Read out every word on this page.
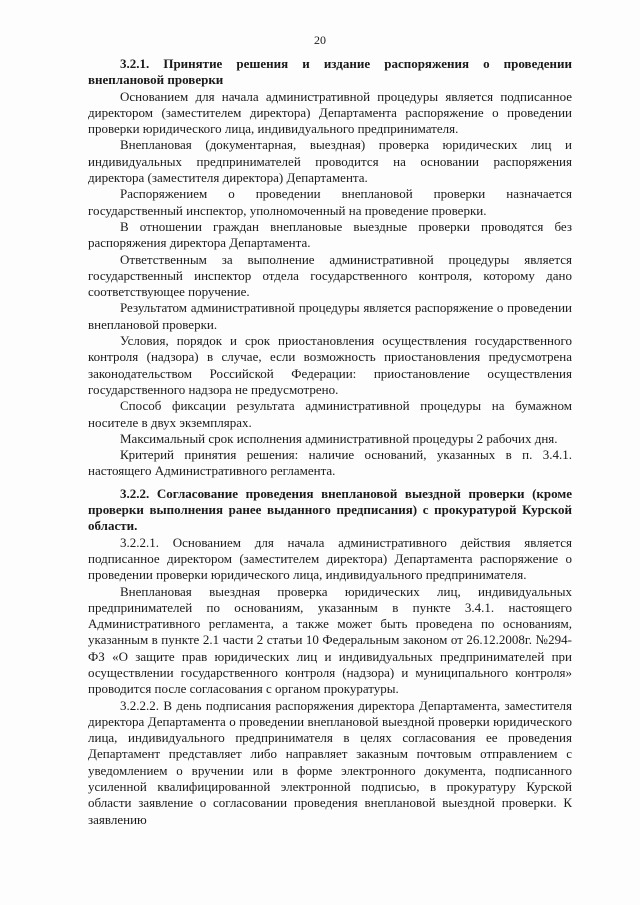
20

3.2.1. Принятие решения и издание распоряжения о проведении внеплановой проверки

Основанием для начала административной процедуры является подписанное директором (заместителем директора) Департамента распоряжение о проведении проверки юридического лица, индивидуального предпринимателя.

Внеплановая (документарная, выездная) проверка юридических лиц и индивидуальных предпринимателей проводится на основании распоряжения директора (заместителя директора) Департамента.

Распоряжением о проведении внеплановой проверки назначается государственный инспектор, уполномоченный на проведение проверки.

В отношении граждан внеплановые выездные проверки проводятся без распоряжения директора Департамента.

Ответственным за выполнение административной процедуры является государственный инспектор отдела государственного контроля, которому дано соответствующее поручение.

Результатом административной процедуры является распоряжение о проведении внеплановой проверки.

Условия, порядок и срок приостановления осуществления государственного контроля (надзора) в случае, если возможность приостановления предусмотрена законодательством Российской Федерации: приостановление осуществления государственного надзора не предусмотрено.

Способ фиксации результата административной процедуры на бумажном носителе в двух экземплярах.

Максимальный срок исполнения административной процедуры 2 рабочих дня.

Критерий принятия решения: наличие оснований, указанных в п. 3.4.1. настоящего Административного регламента.

3.2.2. Согласование проведения внеплановой выездной проверки (кроме проверки выполнения ранее выданного предписания) с прокуратурой Курской области.

3.2.2.1. Основанием для начала административного действия является подписанное директором (заместителем директора) Департамента распоряжение о проведении проверки юридического лица, индивидуального предпринимателя.

Внеплановая выездная проверка юридических лиц, индивидуальных предпринимателей по основаниям, указанным в пункте 3.4.1. настоящего Административного регламента, а также может быть проведена по основаниям, указанным в пункте 2.1 части 2 статьи 10 Федеральным законом от 26.12.2008г. №294-ФЗ «О защите прав юридических лиц и индивидуальных предпринимателей при осуществлении государственного контроля (надзора) и муниципального контроля» проводится после согласования с органом прокуратуры.

3.2.2.2. В день подписания распоряжения директора Департамента, заместителя директора Департамента о проведении внеплановой выездной проверки юридического лица, индивидуального предпринимателя в целях согласования ее проведения Департамент представляет либо направляет заказным почтовым отправлением с уведомлением о вручении или в форме электронного документа, подписанного усиленной квалифицированной электронной подписью, в прокуратуру Курской области заявление о согласовании проведения внеплановой выездной проверки. К заявлению
